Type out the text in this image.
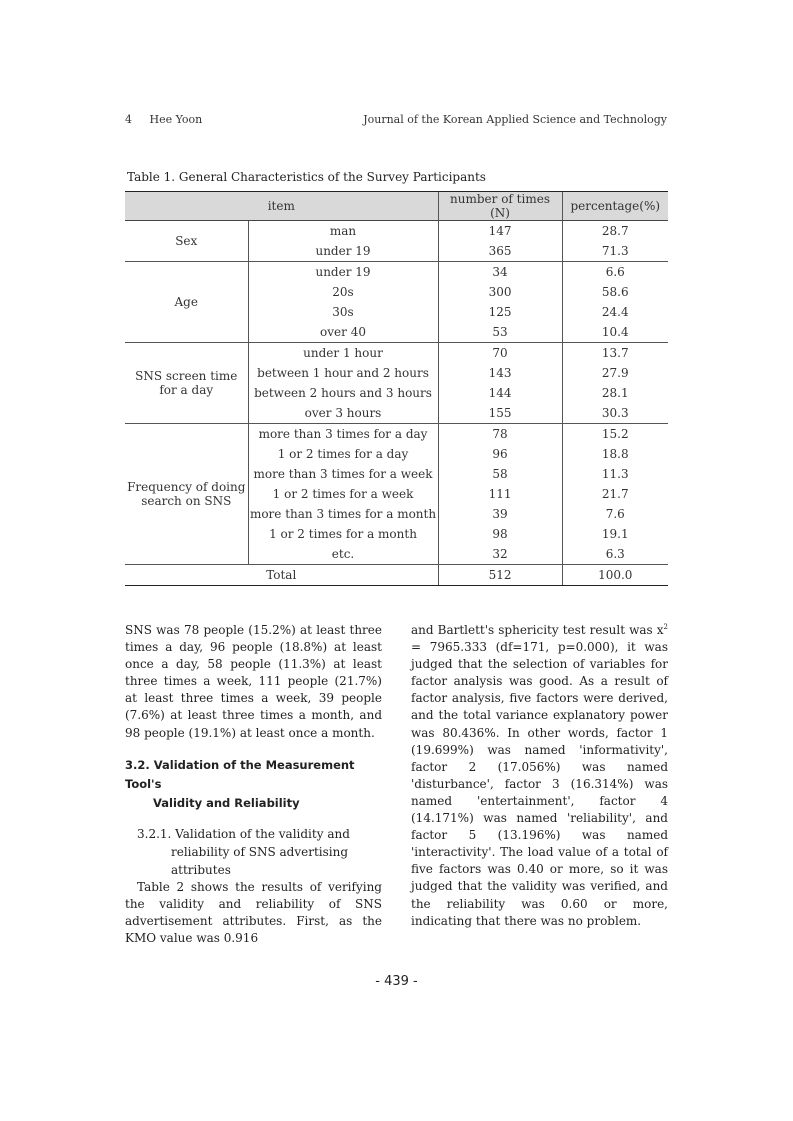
4 Hee Yoon	Journal of the Korean Applied Science and Technology
Table 1. General Characteristics of the Survey Participants
item		number of times (N)	percentage(%)
Sex	man	147	28.7
	under 19	365	71.3
Age	under 19	34	6.6
	20s	300	58.6
	30s	125	24.4
	over 40	53	10.4
SNS screen time for a day	under 1 hour	70	13.7
	between 1 hour and 2 hours	143	27.9
	between 2 hours and 3 hours	144	28.1
	over 3 hours	155	30.3
Frequency of doing search on SNS	more than 3 times for a day	78	15.2
	1 or 2 times for a day	96	18.8
	more than 3 times for a week	58	11.3
	1 or 2 times for a week	111	21.7
	more than 3 times for a month	39	7.6
	1 or 2 times for a month	98	19.1
	etc.	32	6.3
Total		512	100.0

SNS was 78 people (15.2%) at least three times a day, 96 people (18.8%) at least once a day, 58 people (11.3%) at least three times a week, 111 people (21.7%) at least three times a week, 39 people (7.6%) at least three times a month, and 98 people (19.1%) at least once a month.

3.2. Validation of the Measurement Tool's
Validity and Reliability
3.2.1. Validation of the validity and
reliability of SNS advertising attributes

Table 2 shows the results of verifying the validity and reliability of SNS advertisement attributes. First, as the KMO value was 0.916

and Bartlett's sphericity test result was $x^2 = 7965.333$ (df=171, p=0.000), it was judged that the selection of variables for factor analysis was good. As a result of factor analysis, five factors were derived, and the total variance explanatory power was 80.436%. In other words, factor 1 (19.699%) was named 'informativity', factor 2 (17.056%) was named 'disturbance', factor 3 (16.314%) was named 'entertainment', factor 4 (14.171%) was named 'reliability', and factor 5 (13.196%) was named 'interactivity'. The load value of a total of five factors was 0.40 or more, so it was judged that the validity was verified, and the reliability was 0.60 or more, indicating that there was no problem.

- 439 -
